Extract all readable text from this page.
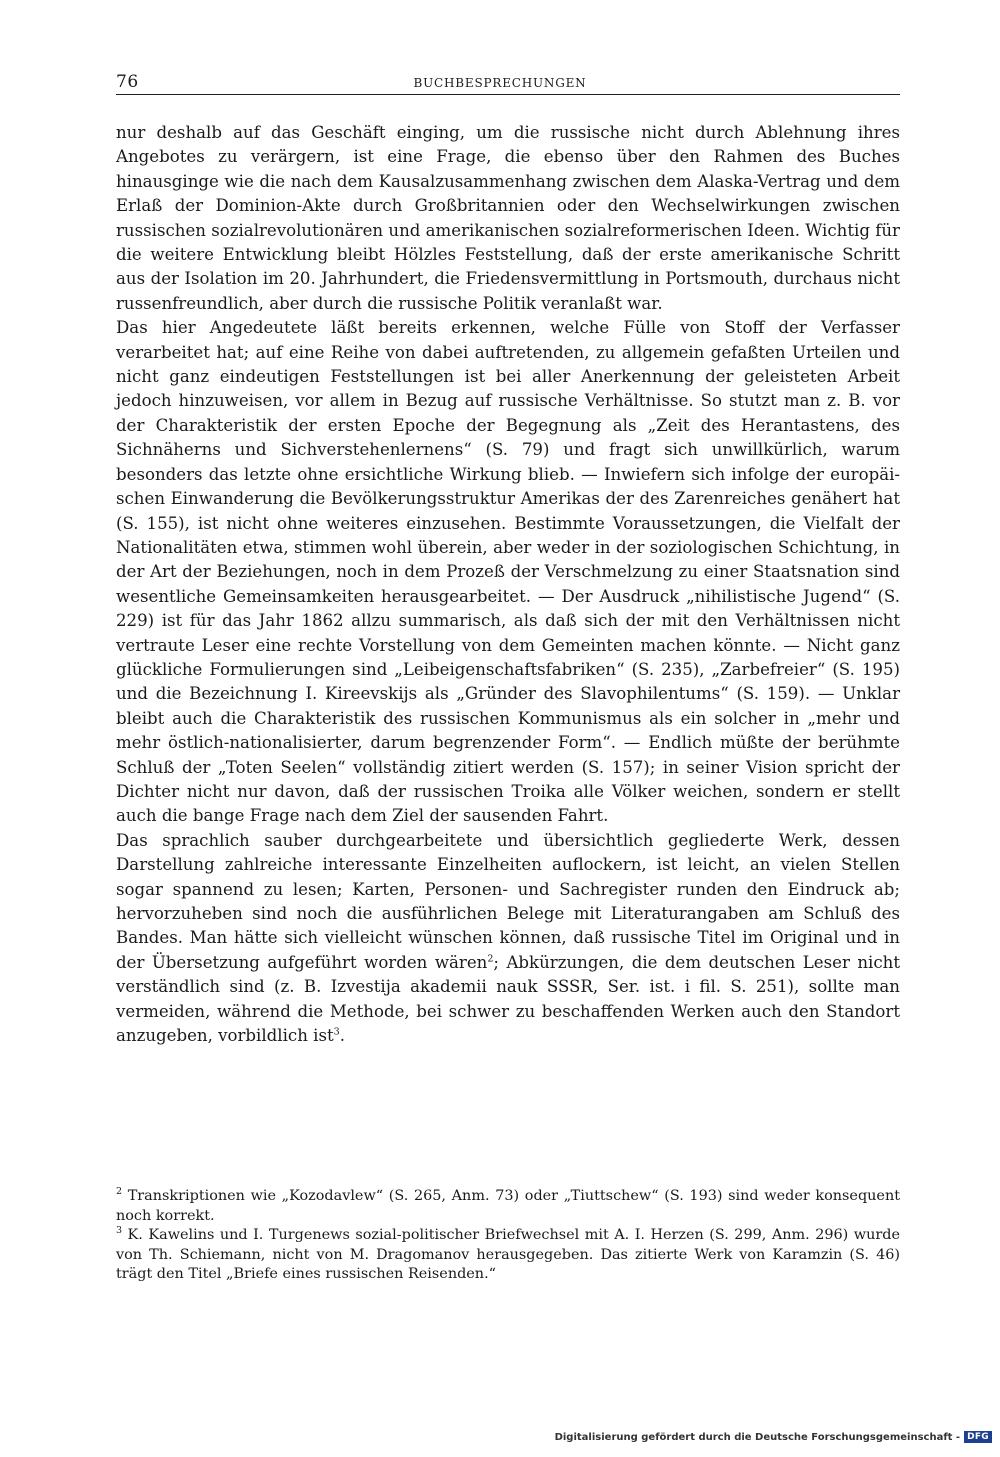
76	BUCHBESPRECHUNGEN

nur deshalb auf das Geschäft einging, um die russische nicht durch Ablehnung ihres Angebotes zu verärgern, ist eine Frage, die ebenso über den Rahmen des Buches hinausginge wie die nach dem Kausalzusammenhang zwischen dem Alaska-Vertrag und dem Erlaß der Dominion-Akte durch Großbritannien oder den Wechselwirkungen zwischen russischen sozialrevolutionären und amerikanischen sozialreformerischen Ideen. Wichtig für die weitere Entwicklung bleibt Hölzles Feststellung, daß der erste amerikanische Schritt aus der Isolation im 20. Jahrhundert, die Friedensvermittlung in Portsmouth, durchaus nicht russenfreundlich, aber durch die russische Politik veranlaßt war.

Das hier Angedeutete läßt bereits erkennen, welche Fülle von Stoff der Verfasser verarbeitet hat; auf eine Reihe von dabei auftretenden, zu allgemein gefaßten Urteilen und nicht ganz eindeutigen Feststellungen ist bei aller Anerkennung der geleisteten Arbeit jedoch hinzuweisen, vor allem in Bezug auf russische Verhältnisse. So stutzt man z. B. vor der Charakteristik der ersten Epoche der Begegnung als „Zeit des Herantastens, des Sichnäherns und Sichverstehenlernens“ (S. 79) und fragt sich unwillkürlich, warum besonders das letzte ohne ersichtliche Wirkung blieb. — Inwiefern sich infolge der europäischen Einwanderung die Bevölkerungsstruktur Amerikas der des Zarenreiches genähert hat (S. 155), ist nicht ohne weiteres einzusehen. Bestimmte Voraussetzungen, die Vielfalt der Nationalitäten etwa, stimmen wohl überein, aber weder in der soziologischen Schichtung, in der Art der Beziehungen, noch in dem Prozeß der Verschmelzung zu einer Staatsnation sind wesentliche Gemeinsamkeiten herausgearbeitet. — Der Ausdruck „nihilistische Jugend“ (S. 229) ist für das Jahr 1862 allzu summarisch, als daß sich der mit den Verhältnissen nicht vertraute Leser eine rechte Vorstellung von dem Gemeinten machen könnte. — Nicht ganz glückliche Formulierungen sind „Leibeigenschaftsfabriken“ (S. 235), „Zarbefreier“ (S. 195) und die Bezeichnung I. Kireevskijs als „Gründer des Slavophilentums“ (S. 159). — Unklar bleibt auch die Charakteristik des russischen Kommunismus als ein solcher in „mehr und mehr östlich-nationalisierter, darum begrenzender Form“. — Endlich müßte der berühmte Schluß der „Toten Seelen“ vollständig zitiert werden (S. 157); in seiner Vision spricht der Dichter nicht nur davon, daß der russischen Troika alle Völker weichen, sondern er stellt auch die bange Frage nach dem Ziel der sausenden Fahrt.

Das sprachlich sauber durchgearbeitete und übersichtlich gegliederte Werk, dessen Darstellung zahlreiche interessante Einzelheiten auflockern, ist leicht, an vielen Stellen sogar spannend zu lesen; Karten, Personen- und Sachregister runden den Eindruck ab; hervorzuheben sind noch die ausführlichen Belege mit Literaturangaben am Schluß des Bandes. Man hätte sich vielleicht wünschen können, daß russische Titel im Original und in der Übersetzung aufgeführt worden wären$^2$; Abkürzungen, die dem deutschen Leser nicht verständlich sind (z. B. Izvestija akademii nauk SSSR, Ser. ist. i fil. S. 251), sollte man vermeiden, während die Methode, bei schwer zu beschaffenden Werken auch den Standort anzugeben, vorbildlich ist$^3$.

$^2$ Transkriptionen wie „Kozodavlew“ (S. 265, Anm. 73) oder „Tiuttschew“ (S. 193) sind weder konsequent noch korrekt.

$^3$ K. Kawelins und I. Turgenews sozial-politischer Briefwechsel mit A. I. Herzen (S. 299, Anm. 296) wurde von Th. Schiemann, nicht von M. Dragomanov herausgegeben. Das zitierte Werk von Karamzin (S. 46) trägt den Titel „Briefe eines russischen Reisenden.“

Digitalisierung gefördert durch die Deutsche Forschungsgemeinschaft - DFG
